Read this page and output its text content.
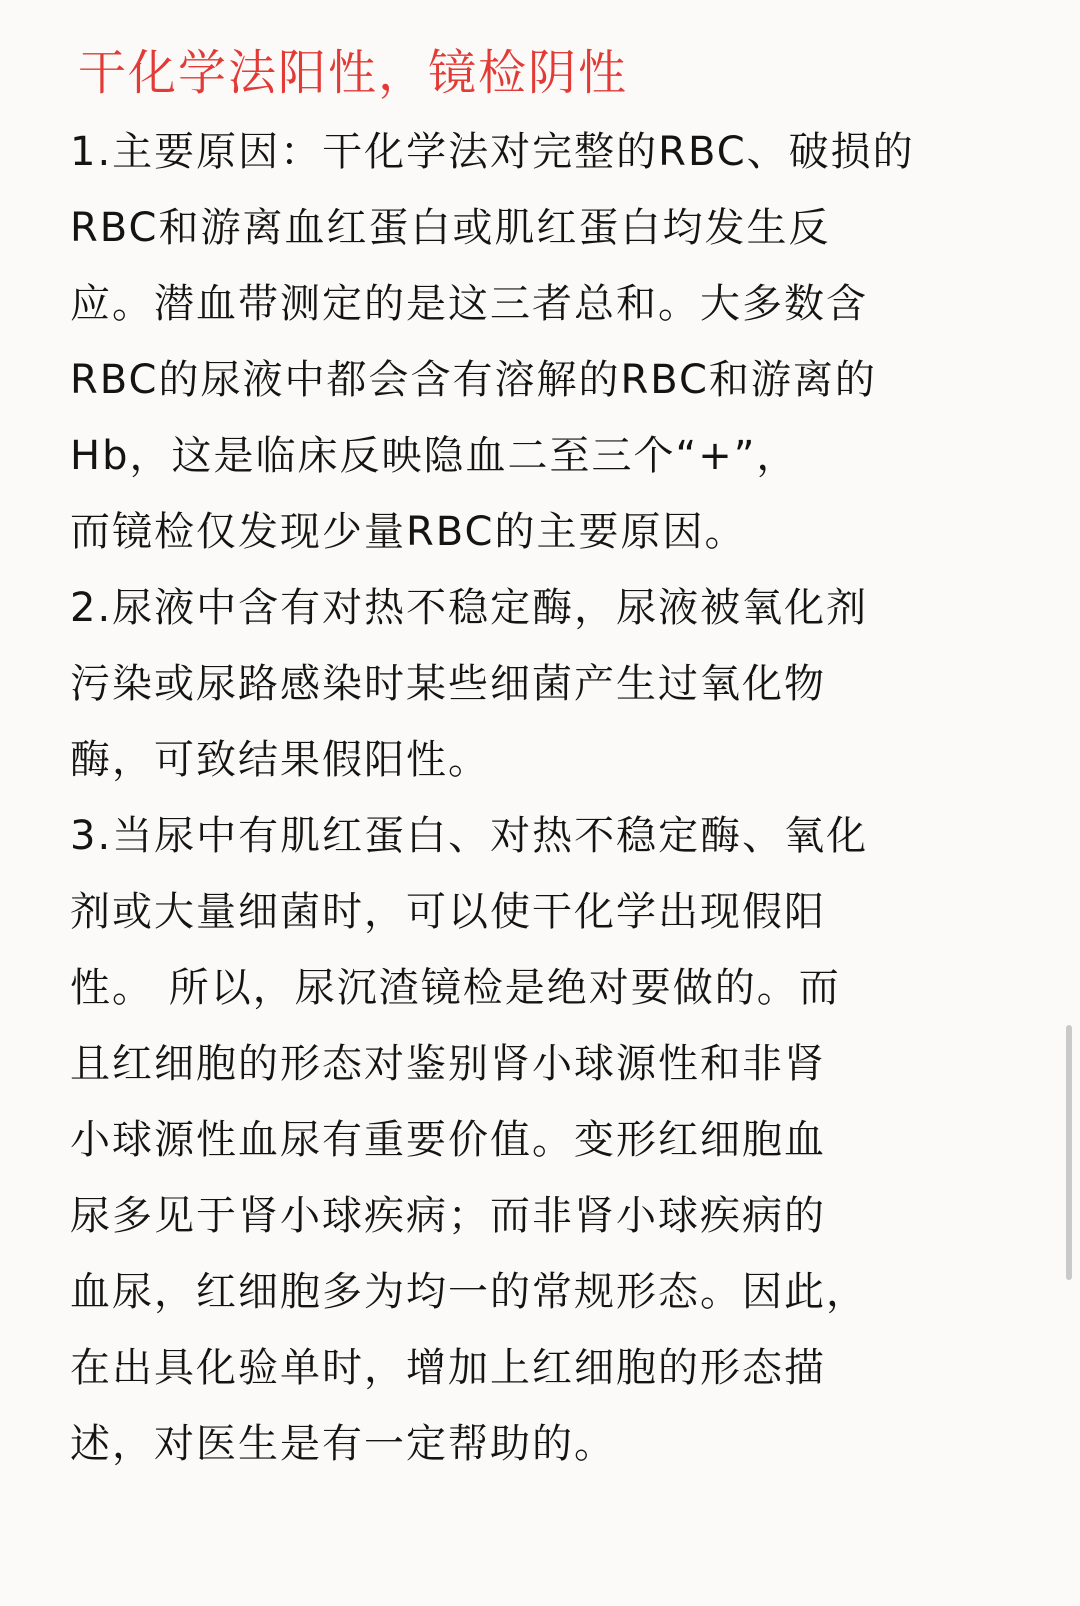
干化学法阳性，镜检阴性
1.主要原因：干化学法对完整的RBC、破损的
RBC和游离血红蛋白或肌红蛋白均发生反
应。潜血带测定的是这三者总和。大多数含
RBC的尿液中都会含有溶解的RBC和游离的
Hb，这是临床反映隐血二至三个“+”，
而镜检仅发现少量RBC的主要原因。
2.尿液中含有对热不稳定酶，尿液被氧化剂
污染或尿路感染时某些细菌产生过氧化物
酶，可致结果假阳性。
3.当尿中有肌红蛋白、对热不稳定酶、氧化
剂或大量细菌时，可以使干化学出现假阳
性。 所以，尿沉渣镜检是绝对要做的。而
且红细胞的形态对鉴别肾小球源性和非肾
小球源性血尿有重要价值。变形红细胞血
尿多见于肾小球疾病；而非肾小球疾病的
血尿，红细胞多为均一的常规形态。因此，
在出具化验单时，增加上红细胞的形态描
述，对医生是有一定帮助的。
